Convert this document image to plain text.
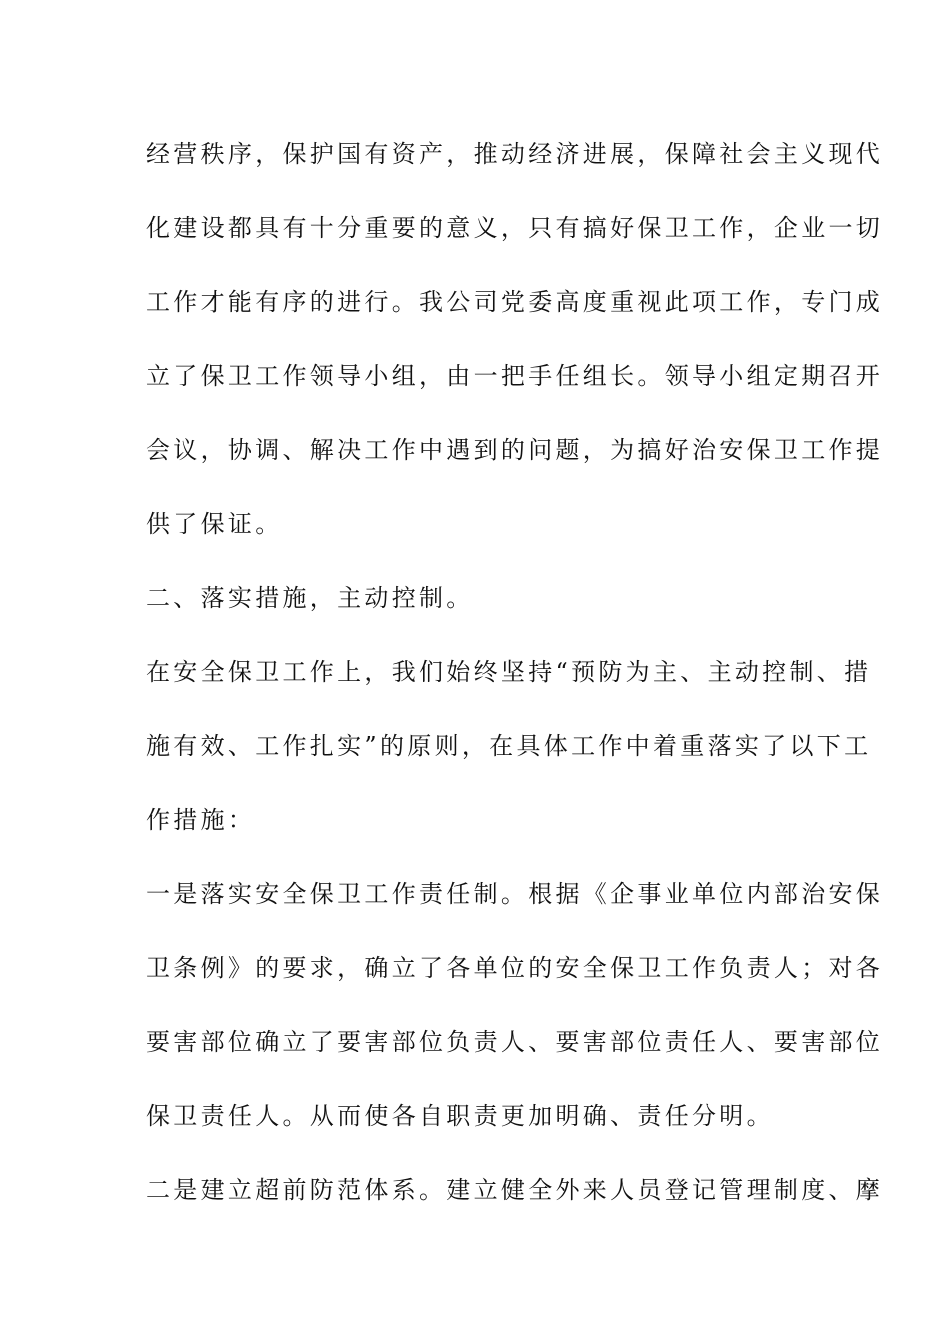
经营秩序，保护国有资产，推动经济进展，保障社会主义现代
化建设都具有十分重要的意义，只有搞好保卫工作，企业一切
工作才能有序的进行。我公司党委高度重视此项工作，专门成
立了保卫工作领导小组，由一把手任组长。领导小组定期召开
会议，协调、解决工作中遇到的问题，为搞好治安保卫工作提
供了保证。
二、落实措施，主动控制。
在安全保卫工作上，我们始终坚持“预防为主、主动控制、措
施有效、工作扎实”的原则，在具体工作中着重落实了以下工
作措施：
一是落实安全保卫工作责任制。根据《企事业单位内部治安保
卫条例》的要求，确立了各单位的安全保卫工作负责人；对各
要害部位确立了要害部位负责人、要害部位责任人、要害部位
保卫责任人。从而使各自职责更加明确、责任分明。
二是建立超前防范体系。建立健全外来人员登记管理制度、摩
